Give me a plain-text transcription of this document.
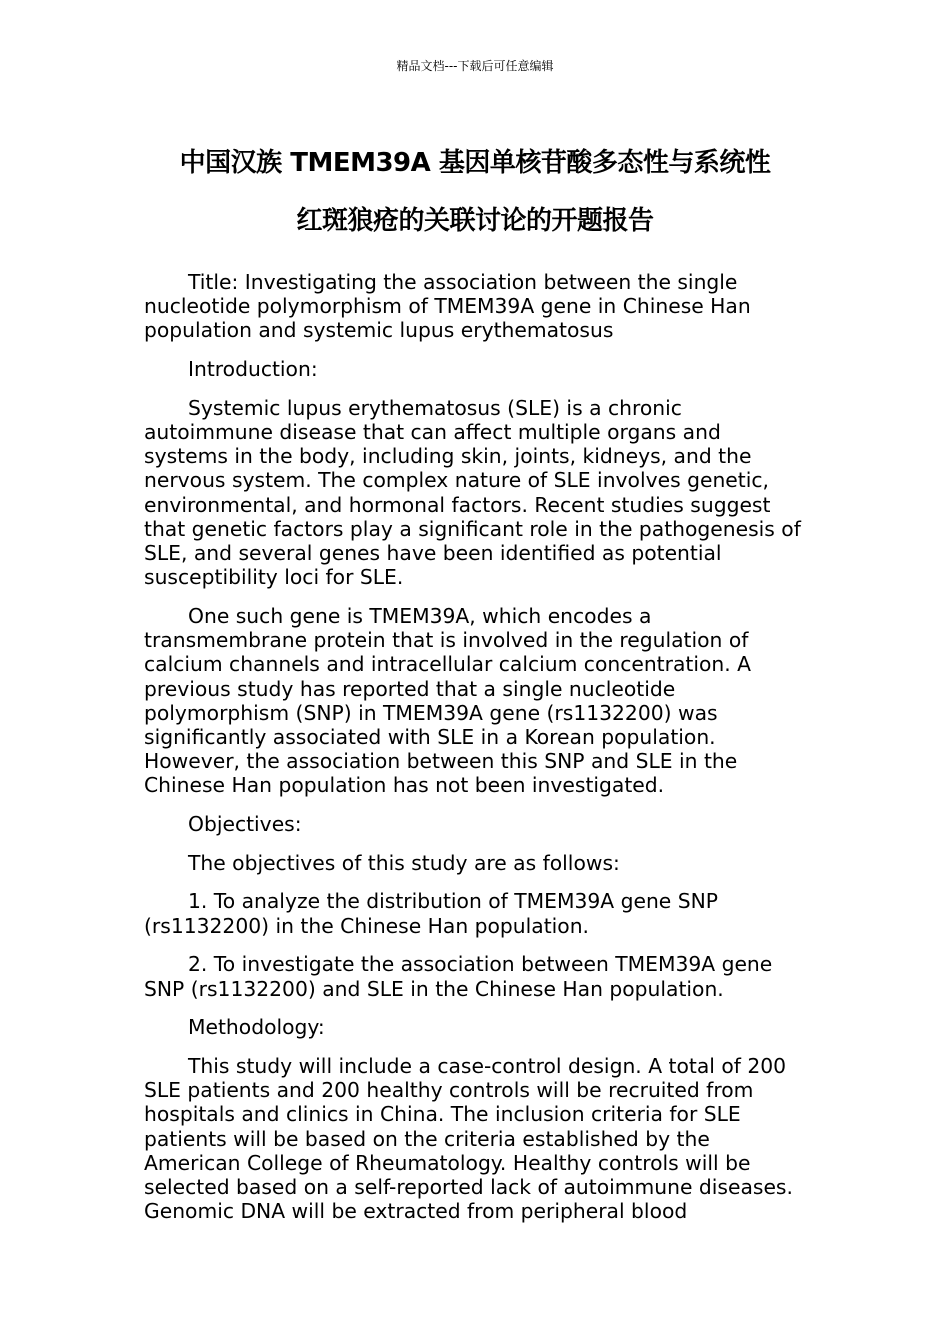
精品文档---下载后可任意编辑
中国汉族 TMEM39A 基因单核苷酸多态性与系统性
红斑狼疮的关联讨论的开题报告

Title: Investigating the association between the single nucleotide polymorphism of TMEM39A gene in Chinese Han population and systemic lupus erythematosus

Introduction:

Systemic lupus erythematosus (SLE) is a chronic autoimmune disease that can affect multiple organs and systems in the body, including skin, joints, kidneys, and the nervous system. The complex nature of SLE involves genetic, environmental, and hormonal factors. Recent studies suggest that genetic factors play a significant role in the pathogenesis of SLE, and several genes have been identified as potential susceptibility loci for SLE.

One such gene is TMEM39A, which encodes a transmembrane protein that is involved in the regulation of calcium channels and intracellular calcium concentration. A previous study has reported that a single nucleotide polymorphism (SNP) in TMEM39A gene (rs1132200) was significantly associated with SLE in a Korean population. However, the association between this SNP and SLE in the Chinese Han population has not been investigated.

Objectives:

The objectives of this study are as follows:

1. To analyze the distribution of TMEM39A gene SNP (rs1132200) in the Chinese Han population.

2. To investigate the association between TMEM39A gene SNP (rs1132200) and SLE in the Chinese Han population.

Methodology:

This study will include a case-control design. A total of 200 SLE patients and 200 healthy controls will be recruited from hospitals and clinics in China. The inclusion criteria for SLE patients will be based on the criteria established by the American College of Rheumatology. Healthy controls will be selected based on a self-reported lack of autoimmune diseases. Genomic DNA will be extracted from peripheral blood
